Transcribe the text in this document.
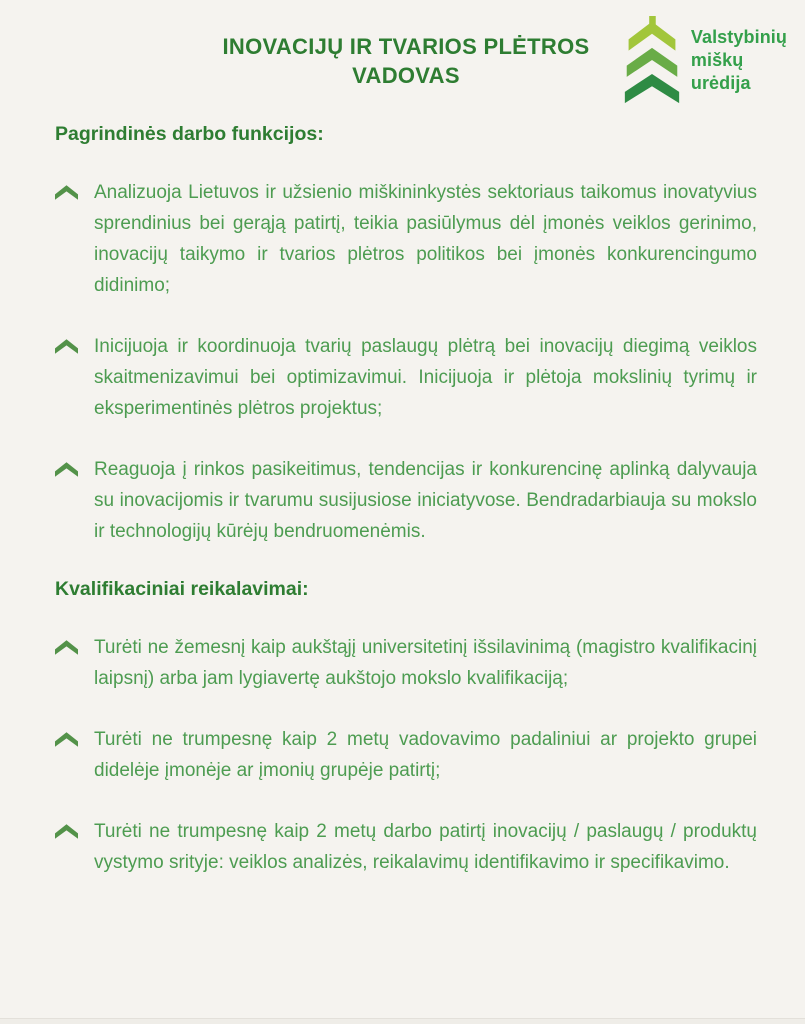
INOVACIJŲ IR TVARIOS PLĖTROS
VADOVAS
Valstybinių
miškų
urėdija
Pagrindinės darbo funkcijos:

Analizuoja Lietuvos ir užsienio miškininkystės sektoriaus taikomus inovatyvius sprendinius bei gerąją patirtį, teikia pasiūlymus dėl įmonės veiklos gerinimo, inovacijų taikymo ir tvarios plėtros politikos bei įmonės konkurencingumo didinimo;

Inicijuoja ir koordinuoja tvarių paslaugų plėtrą bei inovacijų diegimą veiklos skaitmenizavimui bei optimizavimui. Inicijuoja ir plėtoja mokslinių tyrimų ir eksperimentinės plėtros projektus;

Reaguoja į rinkos pasikeitimus, tendencijas ir konkurencinę aplinką dalyvauja su inovacijomis ir tvarumu susijusiose iniciatyvose. Bendradarbiauja su mokslo ir technologijų kūrėjų bendruomenėmis.

Kvalifikaciniai reikalavimai:

Turėti ne žemesnį kaip aukštąjį universitetinį išsilavinimą (magistro kvalifikacinį laipsnį) arba jam lygiavertę aukštojo mokslo kvalifikaciją;

Turėti ne trumpesnę kaip 2 metų vadovavimo padaliniui ar projekto grupei didelėje įmonėje ar įmonių grupėje patirtį;

Turėti ne trumpesnę kaip 2 metų darbo patirtį inovacijų / paslaugų / produktų vystymo srityje: veiklos analizės, reikalavimų identifikavimo ir specifikavimo.
